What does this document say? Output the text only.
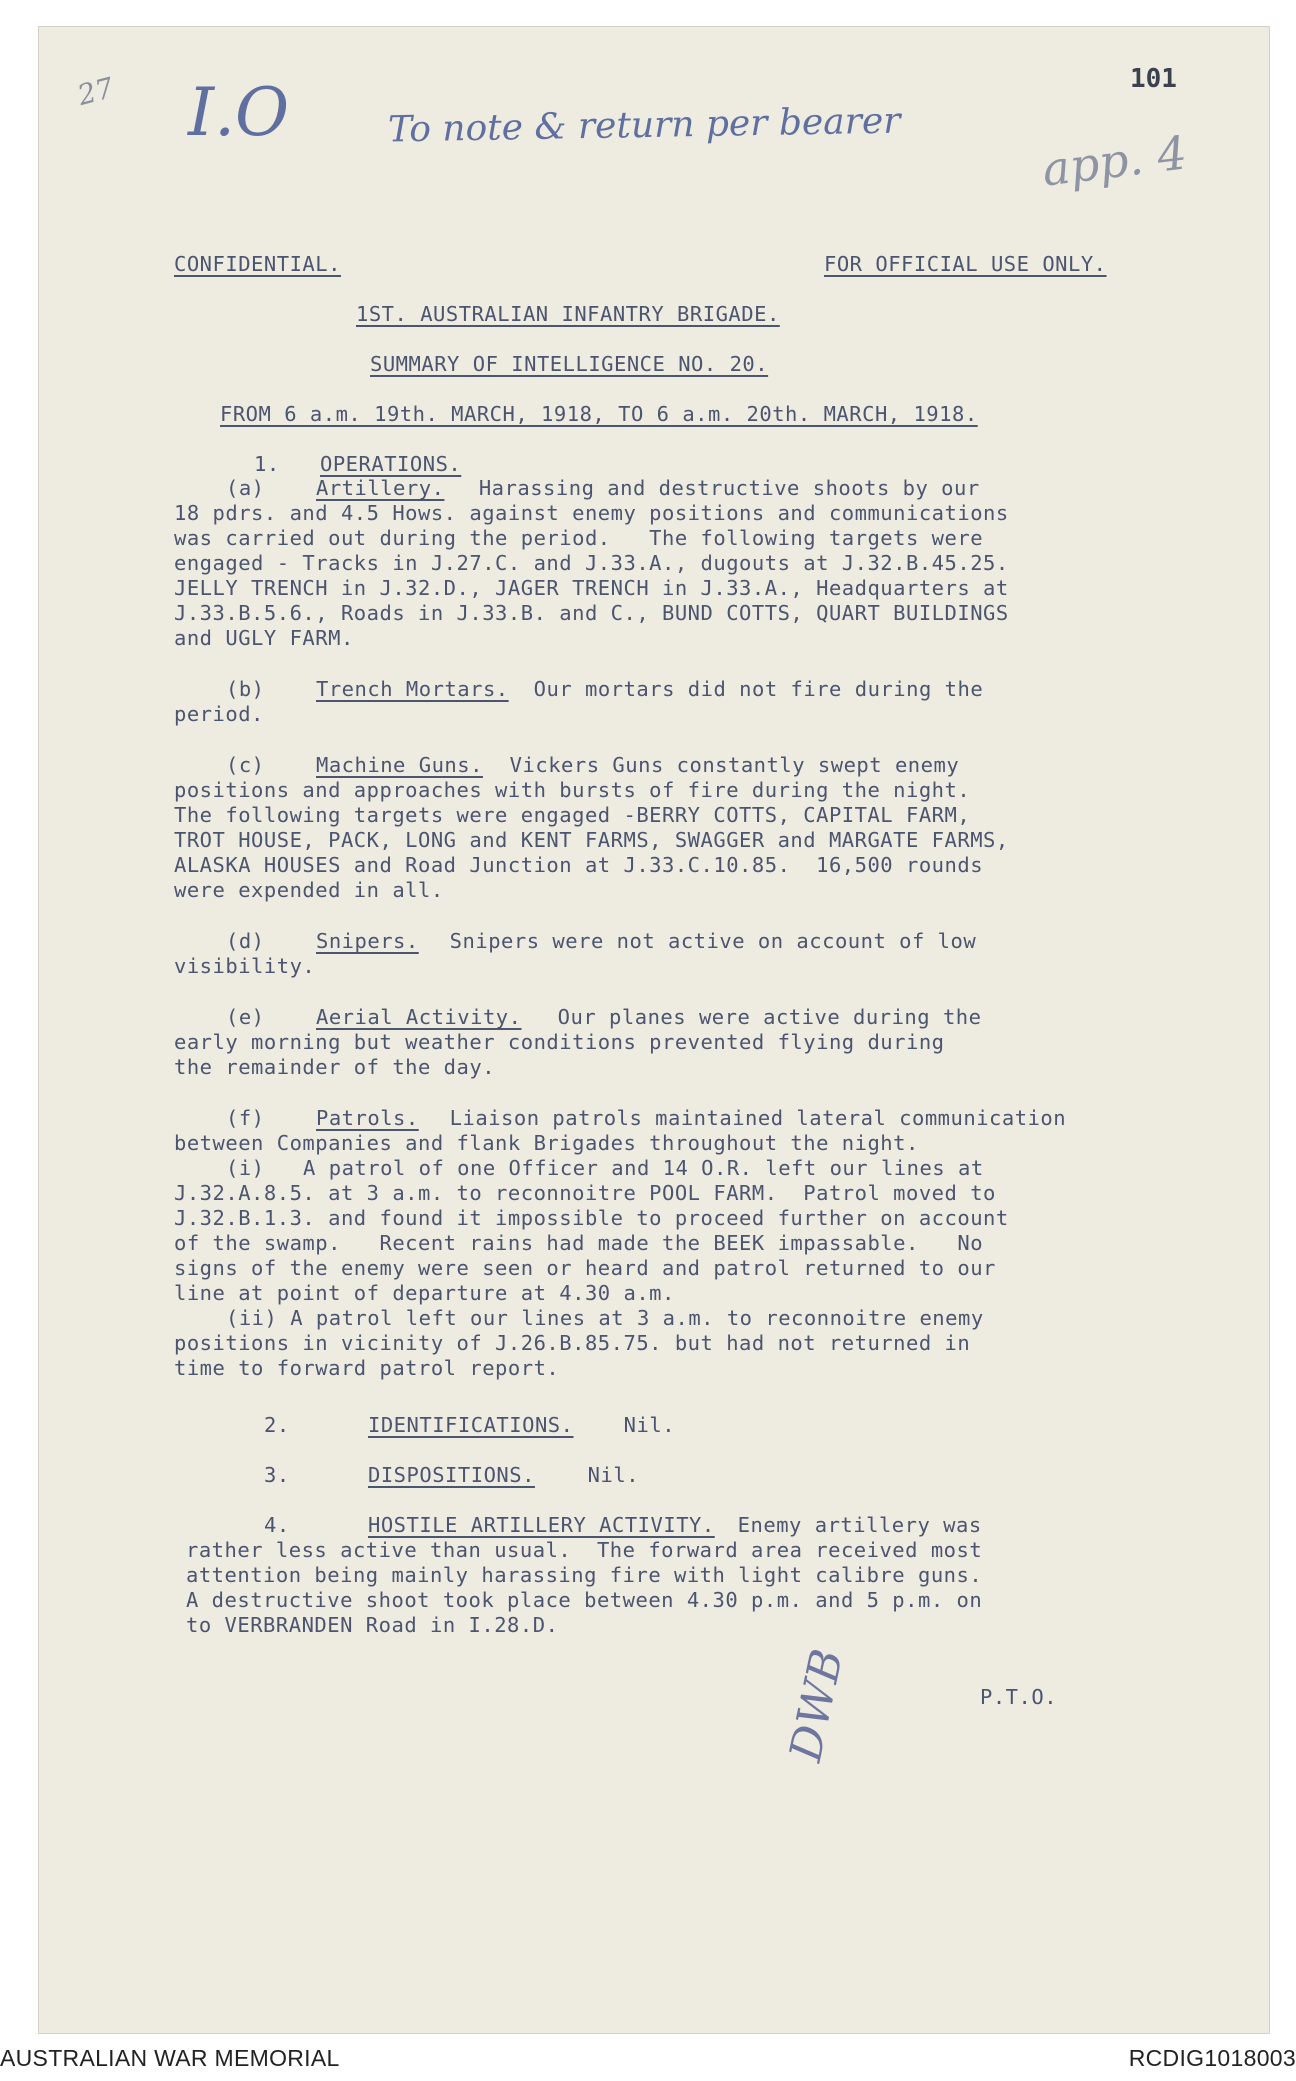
27 I.O	To note & return per bearer	app. 4
101
CONFIDENTIAL.	FOR OFFICIAL USE ONLY.
1ST. AUSTRALIAN INFANTRY BRIGADE.
SUMMARY OF INTELLIGENCE NO. 20.
FROM 6 a.m. 19th. MARCH, 1918, TO 6 a.m. 20th. MARCH, 1918.
1. OPERATIONS.
(a)	Artillery. Harassing and destructive shoots by our
18 pdrs. and 4.5 Hows. against enemy positions and communications
was carried out during the period.   The following targets were
engaged - Tracks in J.27.C. and J.33.A., dugouts at J.32.B.45.25.
JELLY TRENCH in J.32.D., JAGER TRENCH in J.33.A., Headquarters at
J.33.B.5.6., Roads in J.33.B. and C., BUND COTTS, QUART BUILDINGS
and UGLY FARM.
(b)	Trench Mortars. Our mortars did not fire during the
period.
(c)	Machine Guns. Vickers Guns constantly swept enemy
positions and approaches with bursts of fire during the night.
The following targets were engaged -BERRY COTTS, CAPITAL FARM,
TROT HOUSE, PACK, LONG and KENT FARMS, SWAGGER and MARGATE FARMS,
ALASKA HOUSES and Road Junction at J.33.C.10.85.  16,500 rounds
were expended in all.
(d)	Snipers. Snipers were not active on account of low
visibility.
(e)	Aerial Activity. Our planes were active during the
early morning but weather conditions prevented flying during
the remainder of the day.
(f)	Patrols. Liaison patrols maintained lateral communication
between Companies and flank Brigades throughout the night.
(i)   A patrol of one Officer and 14 O.R. left our lines at
J.32.A.8.5. at 3 a.m. to reconnoitre POOL FARM.  Patrol moved to
J.32.B.1.3. and found it impossible to proceed further on account
of the swamp.   Recent rains had made the BEEK impassable.   No
signs of the enemy were seen or heard and patrol returned to our
line at point of departure at 4.30 a.m.
(ii) A patrol left our lines at 3 a.m. to reconnoitre enemy
positions in vicinity of J.26.B.85.75. but had not returned in
time to forward patrol report.
2.	IDENTIFICATIONS. Nil.
3.	DISPOSITIONS. Nil.
4.	HOSTILE ARTILLERY ACTIVITY.
Enemy artillery was
rather less active than usual.  The forward area received most
attention being mainly harassing fire with light calibre guns.
A destructive shoot took place between 4.30 p.m. and 5 p.m. on
to VERBRANDEN Road in I.28.D.
P.T.O.
DWB
AUSTRALIAN WAR MEMORIAL	RCDIG1018003
